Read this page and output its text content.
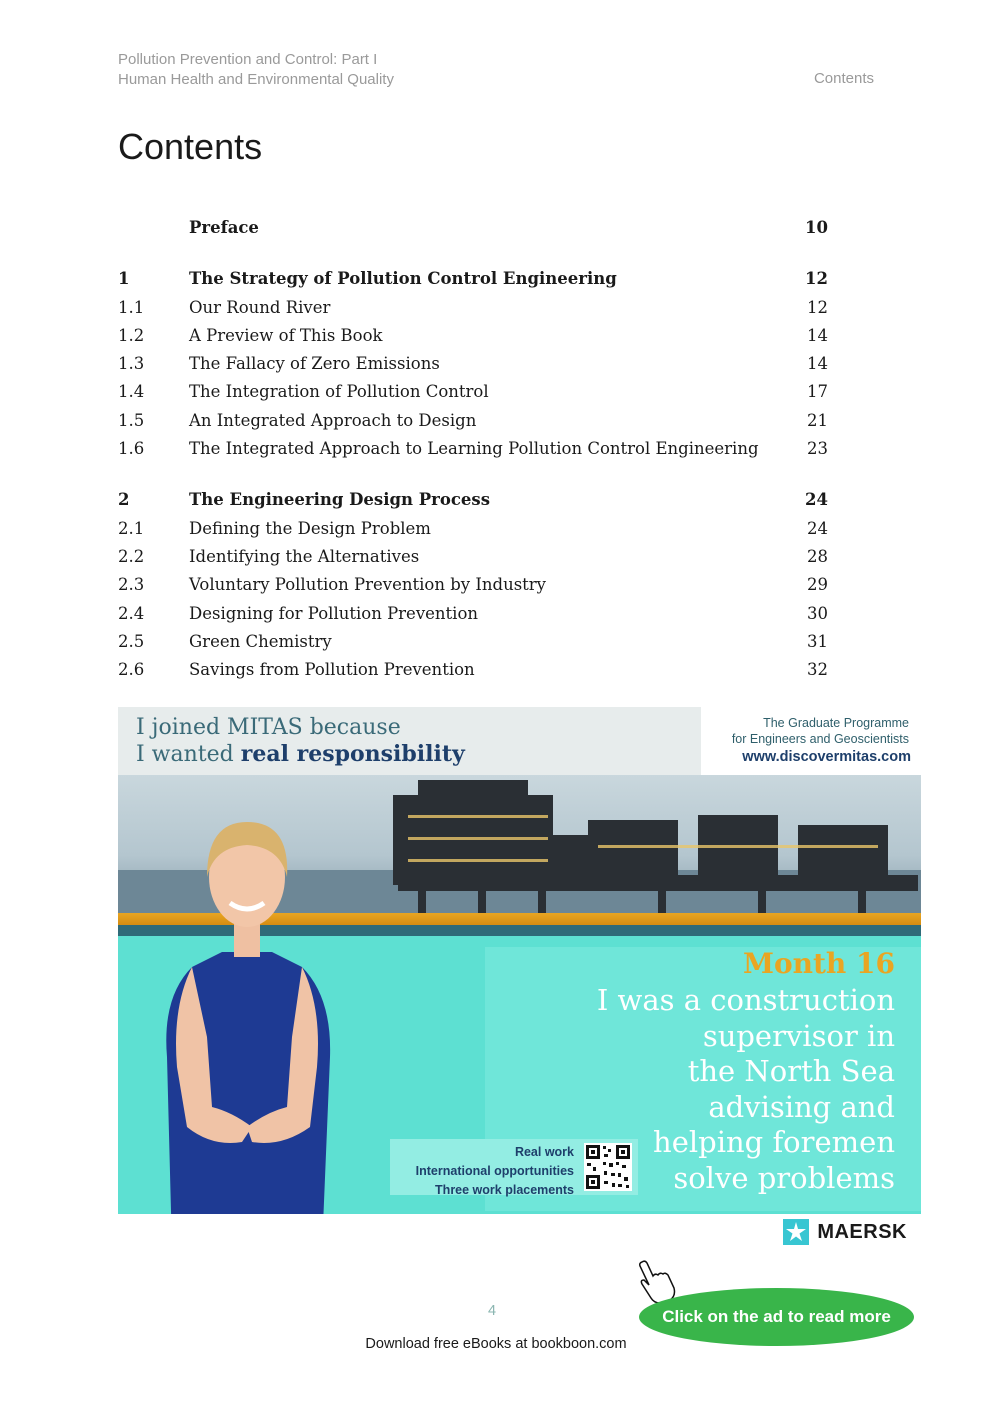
Pollution Prevention and Control: Part I
Human Health and Environmental Quality	Contents
Contents
Preface	10
1	The Strategy of Pollution Control Engineering	12
1.1	Our Round River	12
1.2	A Preview of This Book	14
1.3	The Fallacy of Zero Emissions	14
1.4	The Integration of Pollution Control	17
1.5	An Integrated Approach to Design	21
1.6	The Integrated Approach to Learning Pollution Control Engineering	23
2	The Engineering Design Process	24
2.1	Defining the Design Problem	24
2.2	Identifying the Alternatives	28
2.3	Voluntary Pollution Prevention by Industry	29
2.4	Designing for Pollution Prevention	30
2.5	Green Chemistry	31
2.6	Savings from Pollution Prevention	32
I joined MITAS because
I wanted real responsibility
The Graduate Programme
for Engineers and Geoscientists
www.discovermitas.com
Month 16
I was a construction
supervisor in
the North Sea
advising and
helping foremen
solve problems
Real work
International opportunities
Three work placements
MAERSK
Click on the ad to read more
4
Download free eBooks at bookboon.com
